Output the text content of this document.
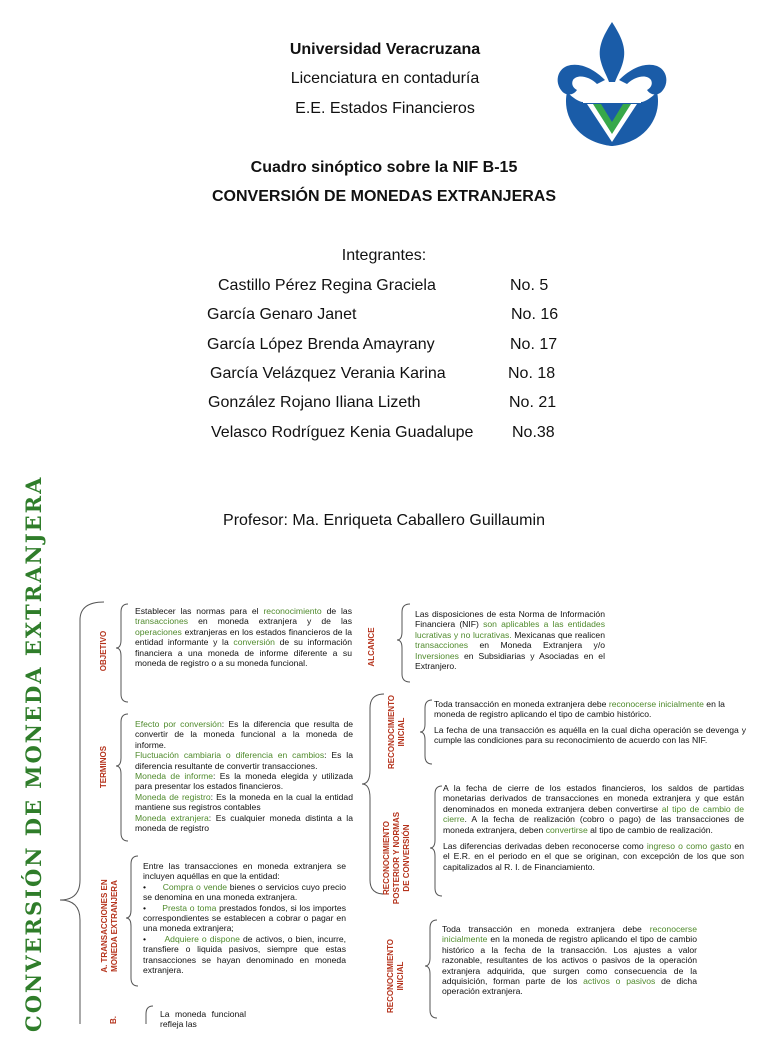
Universidad Veracruzana
Licenciatura en contaduría
E.E. Estados Financieros
Cuadro sinóptico sobre la NIF B-15
CONVERSIÓN DE MONEDAS EXTRANJERAS
Integrantes:
Castillo Pérez Regina Graciela	No. 5
García Genaro Janet	No. 16
García López Brenda Amayrany	No. 17
García Velázquez Verania Karina	No. 18
González Rojano Iliana Lizeth	No. 21
Velasco Rodríguez Kenia Guadalupe No.38
Profesor: Ma. Enriqueta Caballero Guillaumin
CONVERSIÓN DE MONEDA EXTRANJERA	OBJETIVO
Establecer las normas para el reconocimiento de las transacciones en moneda extranjera y de las operaciones extranjeras en los estados financieros de la entidad informante y la conversión de su información financiera a una moneda de informe diferente a su moneda de registro o a su moneda funcional.
TERMINOS
Efecto por conversión: Es la diferencia que resulta de convertir de la moneda funcional a la moneda de informe.
Fluctuación cambiaria o diferencia en cambios: Es la diferencia resultante de convertir transacciones.
Moneda de informe: Es la moneda elegida y utilizada para presentar los estados financieros.
Moneda de registro: Es la moneda en la cual la entidad mantiene sus registros contables
Moneda extranjera: Es cualquier moneda distinta a la moneda de registro
A. TRANSACCIONES EN
MONEDA EXTRANJERA
Entre las transacciones en moneda extranjera se incluyen aquéllas en que la entidad:
•      Compra o vende bienes o servicios cuyo precio se denomina en una moneda extranjera.
•      Presta o toma prestados fondos, si los importes correspondientes se establecen a cobrar o pagar en una moneda extranjera;
•      Adquiere o dispone de activos, o bien, incurre, transfiere o liquida pasivos, siempre que estas transacciones se hayan denominado en moneda extranjera.
ALCANCE
Las disposiciones de esta Norma de Información Financiera (NIF) son aplicables a las entidades lucrativas y no lucrativas. Mexicanas que realicen transacciones en Moneda Extranjera y/o Inversiones en Subsidiarias y Asociadas en el Extranjero.
RECONOCIMIENTO
INICIAL
Toda transacción en moneda extranjera debe reconocerse inicialmente en la moneda de registro aplicando el tipo de cambio histórico.
La fecha de una transacción es aquélla en la cual dicha operación se devenga y cumple las condiciones para su reconocimiento de acuerdo con las NIF.
RECONOCIMIENTO
POSTERIOR Y NORMAS
DE CONVERSIÓN
A la fecha de cierre de los estados financieros, los saldos de partidas monetarias derivados de transacciones en moneda extranjera y que están denominados en moneda extranjera deben convertirse al tipo de cambio de cierre. A la fecha de realización (cobro o pago) de las transacciones de moneda extranjera, deben convertirse al tipo de cambio de realización.
Las diferencias derivadas deben reconocerse como ingreso o como gasto en el E.R. en el periodo en el que se originan, con excepción de los que son capitalizados al R. I. de Financiamiento.
RECONOCIMIENTO
INICIAL
Toda transacción en moneda extranjera debe reconocerse inicialmente en la moneda de registro aplicando el tipo de cambio histórico a la fecha de la transacción. Los ajustes a valor razonable, resultantes de los activos o pasivos de la operación extranjera adquirida, que surgen como consecuencia de la adquisición, forman parte de los activos o pasivos de dicha operación extranjera.
B.
La moneda funcional refleja las
